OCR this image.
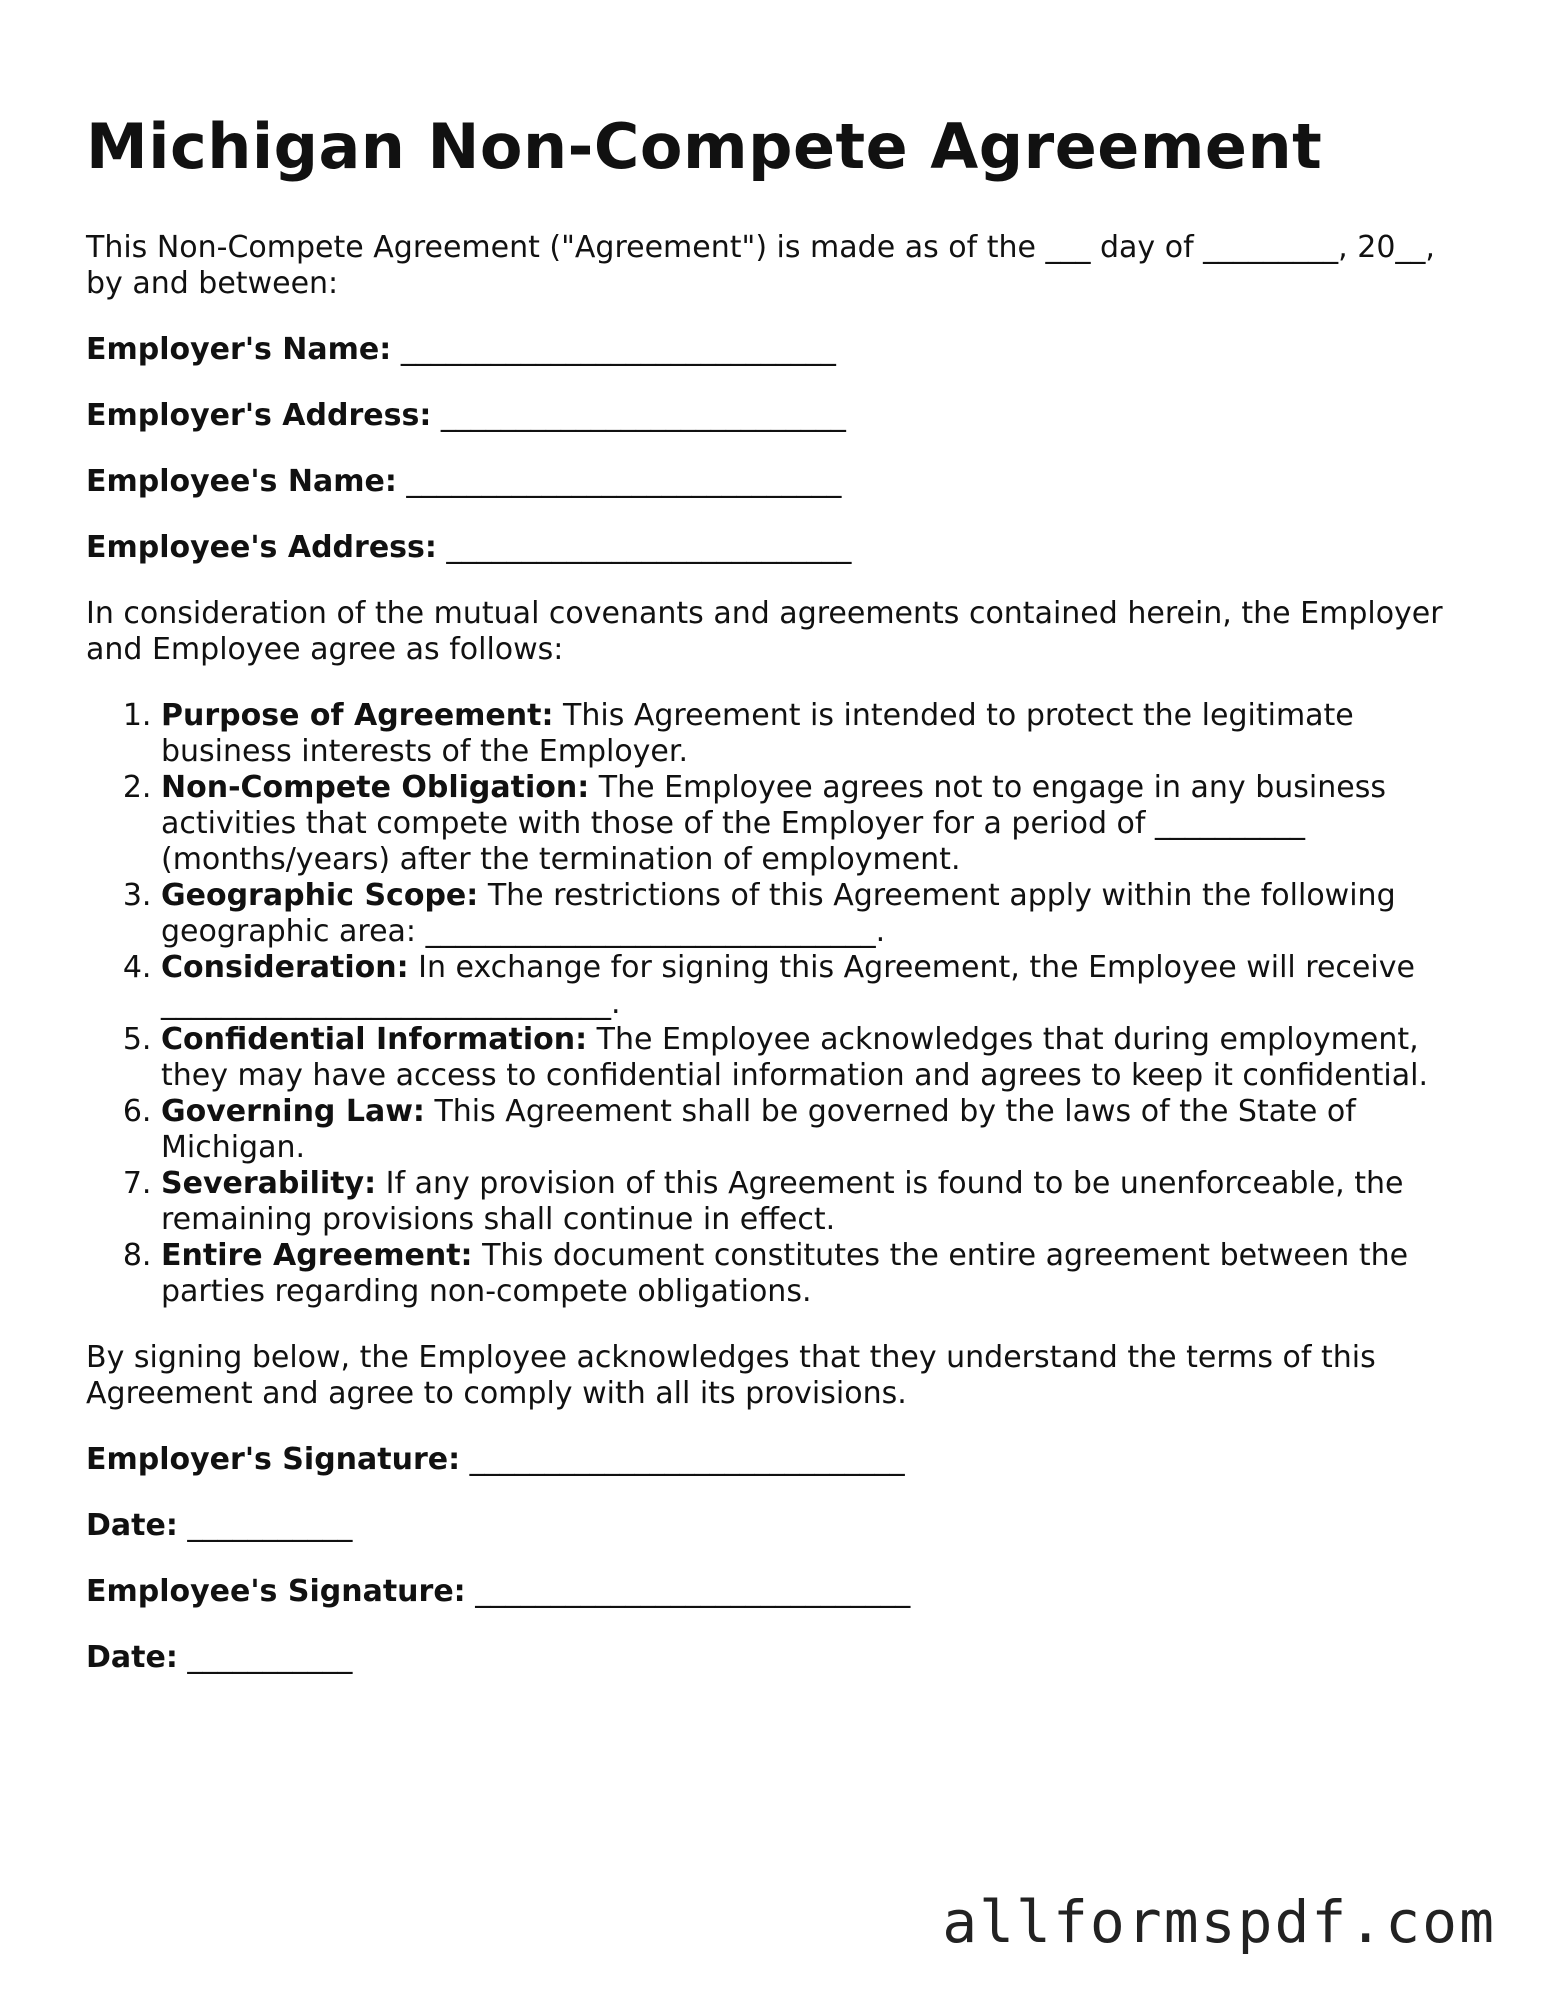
Michigan Non-Compete Agreement

This Non-Compete Agreement ("Agreement") is made as of the ___ day of _________, 20__, by and between:

Employer's Name: _____________________________

Employer's Address: ___________________________

Employee's Name: _____________________________

Employee's Address: ___________________________

In consideration of the mutual covenants and agreements contained herein, the Employer and Employee agree as follows:

1. Purpose of Agreement: This Agreement is intended to protect the legitimate business interests of the Employer.
2. Non-Compete Obligation: The Employee agrees not to engage in any business activities that compete with those of the Employer for a period of __________ (months/years) after the termination of employment.
3. Geographic Scope: The restrictions of this Agreement apply within the following geographic area: ______________________________.
4. Consideration: In exchange for signing this Agreement, the Employee will receive ______________________________.
5. Confidential Information: The Employee acknowledges that during employment, they may have access to confidential information and agrees to keep it confidential.
6. Governing Law: This Agreement shall be governed by the laws of the State of Michigan.
7. Severability: If any provision of this Agreement is found to be unenforceable, the remaining provisions shall continue in effect.
8. Entire Agreement: This document constitutes the entire agreement between the parties regarding non-compete obligations.

By signing below, the Employee acknowledges that they understand the terms of this Agreement and agree to comply with all its provisions.

Employer's Signature: _____________________________

Date: ___________

Employee's Signature: _____________________________

Date: ___________

allformspdf.com
